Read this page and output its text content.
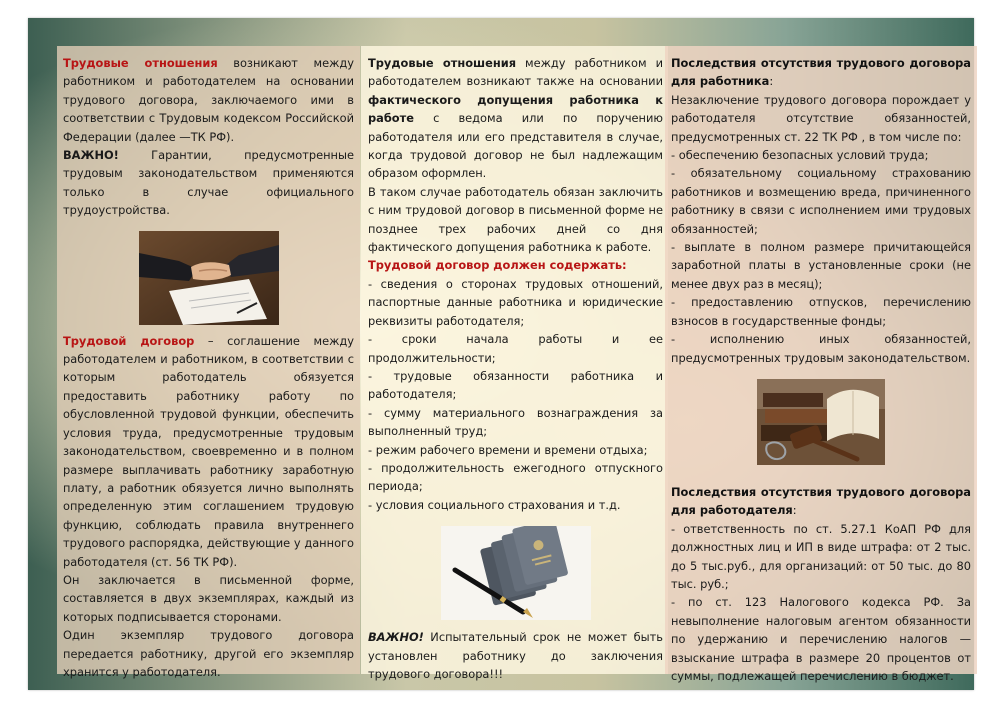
Трудовые отношения возникают между работником и работодателем на основании трудового договора, заключаемого ими в соответствии с Трудовым кодексом Российской Федерации (далее —ТК РФ).

ВАЖНО! Гарантии, предусмотренные трудовым законодательством применяются только в случае официального трудоустройства.

Трудовой договор – соглашение между работодателем и работником, в соответствии с которым работодатель обязуется предоставить работнику работу по обусловленной трудовой функции, обеспечить условия труда, предусмотренные трудовым законодательством, своевременно и в полном размере выплачивать работнику заработную плату, а работник обязуется лично выполнять определенную этим соглашением трудовую функцию, соблюдать правила внутреннего трудового распорядка, действующие у данного работодателя (ст. 56 ТК РФ).

Он заключается в письменной форме, составляется в двух экземплярах, каждый из которых подписывается сторонами.

Один экземпляр трудового договора передается работнику, другой его экземпляр хранится у работодателя.

Трудовые отношения между работником и работодателем возникают также на основании фактического допущения работника к работе с ведома или по поручению работодателя или его представителя в случае, когда трудовой договор не был надлежащим образом оформлен.

В таком случае работодатель обязан заключить с ним трудовой договор в письменной форме не позднее трех рабочих дней со дня фактического допущения работника к работе.

Трудовой договор должен содержать:

- сведения о сторонах трудовых отношений, паспортные данные работника и юридические реквизиты работодателя;

- сроки начала работы и ее продолжительности;

- трудовые обязанности работника и работодателя;

- сумму материального вознаграждения за выполненный труд;

- режим рабочего времени и времени отдыха;

- продолжительность ежегодного отпускного периода;

- условия социального страхования и т.д.

ВАЖНО! Испытательный срок не может быть установлен работнику до заключения трудового договора!!!

Последствия отсутствия трудового договора для работника:

Незаключение трудового договора порождает у работодателя отсутствие обязанностей, предусмотренных ст. 22 ТК РФ , в том числе по:

- обеспечению безопасных условий труда;

- обязательному социальному страхованию работников и возмещению вреда, причиненного работнику в связи с исполнением ими трудовых обязанностей;

- выплате в полном размере причитающейся заработной платы в установленные сроки (не менее двух раз в месяц);

- предоставлению отпусков, перечислению взносов в государственные фонды;

- исполнению иных обязанностей, предусмотренных трудовым законодательством.

Последствия отсутствия трудового договора для работодателя:

- ответственность по ст. 5.27.1 КоАП РФ для должностных лиц и ИП в виде штрафа: от 2 тыс. до 5 тыс.руб., для организаций: от 50 тыс. до 80 тыс. руб.;

- по ст. 123 Налогового кодекса РФ. За невыполнение налоговым агентом обязанности по удержанию и перечислению налогов — взыскание штрафа в размере 20 процентов от суммы, подлежащей перечислению в бюджет.
